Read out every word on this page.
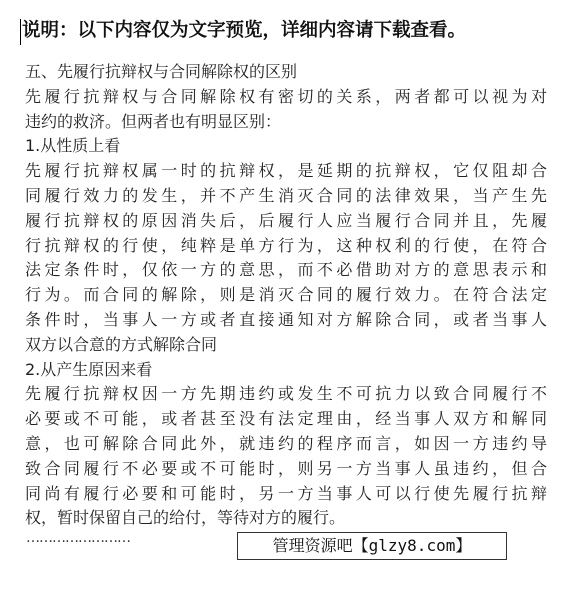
说明：以下内容仅为文字预览，详细内容请下载查看。
五、先履行抗辩权与合同解除权的区别
先履行抗辩权与合同解除权有密切的关系，两者都可以视为对
违约的救济。但两者也有明显区别：
1.从性质上看
先履行抗辩权属一时的抗辩权，是延期的抗辩权，它仅阻却合
同履行效力的发生，并不产生消灭合同的法律效果，当产生先
履行抗辩权的原因消失后，后履行人应当履行合同并且，先履
行抗辩权的行使，纯粹是单方行为，这种权利的行使，在符合
法定条件时，仅依一方的意思，而不必借助对方的意思表示和
行为。而合同的解除，则是消灭合同的履行效力。在符合法定
条件时，当事人一方或者直接通知对方解除合同，或者当事人
双方以合意的方式解除合同
2.从产生原因来看
先履行抗辩权因一方先期违约或发生不可抗力以致合同履行不
必要或不可能，或者甚至没有法定理由，经当事人双方和解同
意，也可解除合同此外，就违约的程序而言，如因一方违约导
致合同履行不必要或不可能时，则另一方当事人虽违约，但合
同尚有履行必要和可能时，另一方当事人可以行使先履行抗辩
权，暂时保留自己的给付，等待对方的履行。
……………………	管理资源吧【glzy8.com】
